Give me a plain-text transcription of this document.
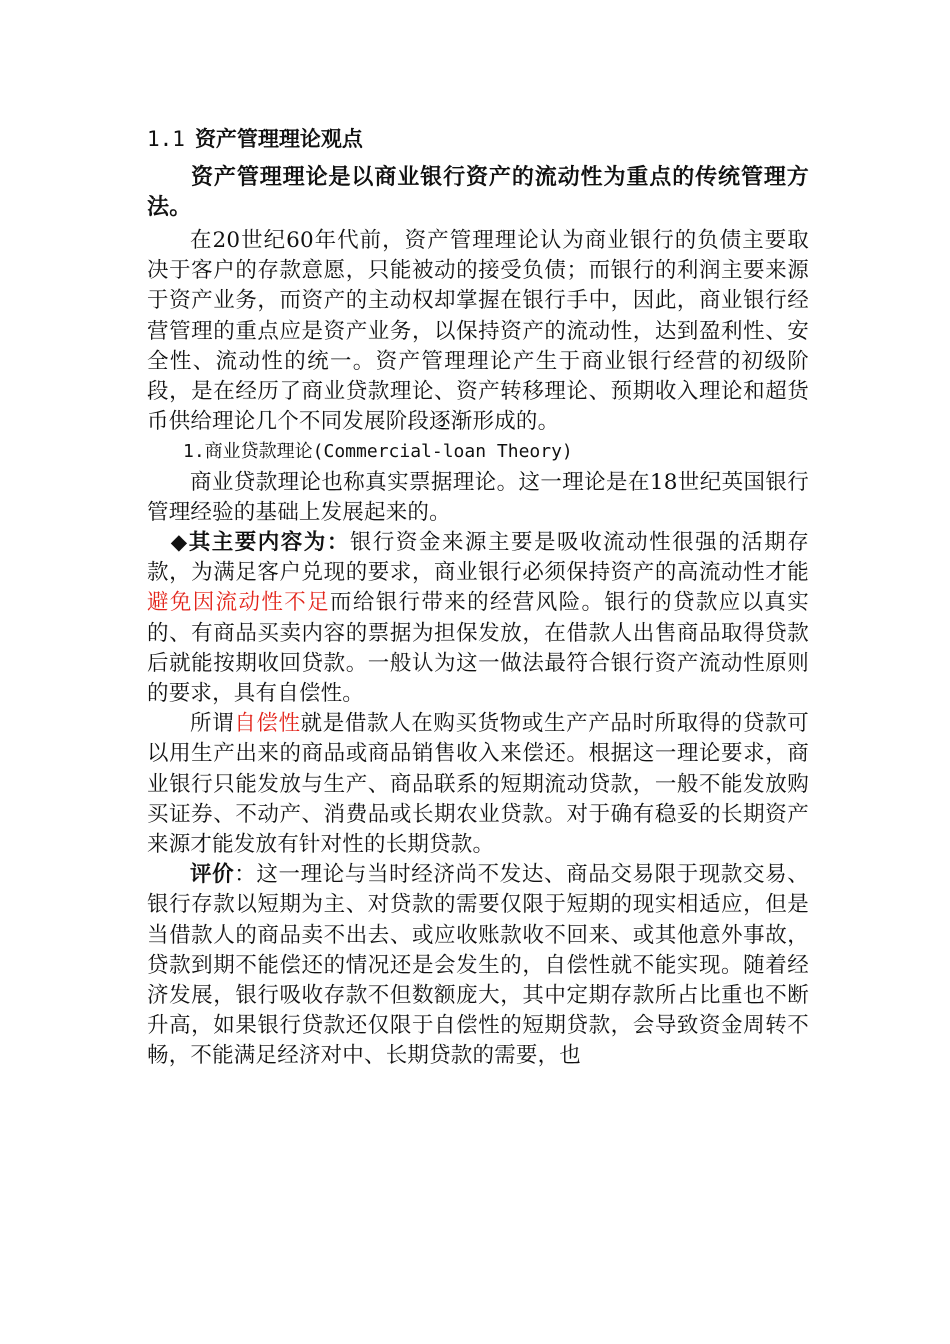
1.1 资产管理理论观点

资产管理理论是以商业银行资产的流动性为重点的传统管理方法。

在20世纪60年代前，资产管理理论认为商业银行的负债主要取决于客户的存款意愿，只能被动的接受负债；而银行的利润主要来源于资产业务，而资产的主动权却掌握在银行手中，因此，商业银行经营管理的重点应是资产业务，以保持资产的流动性，达到盈利性、安全性、流动性的统一。资产管理理论产生于商业银行经营的初级阶段，是在经历了商业贷款理论、资产转移理论、预期收入理论和超货币供给理论几个不同发展阶段逐渐形成的。

1.商业贷款理论(Commercial-loan Theory)

商业贷款理论也称真实票据理论。这一理论是在18世纪英国银行管理经验的基础上发展起来的。

◆其主要内容为：银行资金来源主要是吸收流动性很强的活期存款，为满足客户兑现的要求，商业银行必须保持资产的高流动性才能避免因流动性不足而给银行带来的经营风险。银行的贷款应以真实的、有商品买卖内容的票据为担保发放，在借款人出售商品取得贷款后就能按期收回贷款。一般认为这一做法最符合银行资产流动性原则的要求，具有自偿性。

所谓自偿性就是借款人在购买货物或生产产品时所取得的贷款可以用生产出来的商品或商品销售收入来偿还。根据这一理论要求，商业银行只能发放与生产、商品联系的短期流动贷款，一般不能发放购买证券、不动产、消费品或长期农业贷款。对于确有稳妥的长期资产来源才能发放有针对性的长期贷款。

评价：这一理论与当时经济尚不发达、商品交易限于现款交易、银行存款以短期为主、对贷款的需要仅限于短期的现实相适应，但是当借款人的商品卖不出去、或应收账款收不回来、或其他意外事故，贷款到期不能偿还的情况还是会发生的，自偿性就不能实现。随着经济发展，银行吸收存款不但数额庞大，其中定期存款所占比重也不断升高，如果银行贷款还仅限于自偿性的短期贷款，会导致资金周转不畅，不能满足经济对中、长期贷款的需要，也
